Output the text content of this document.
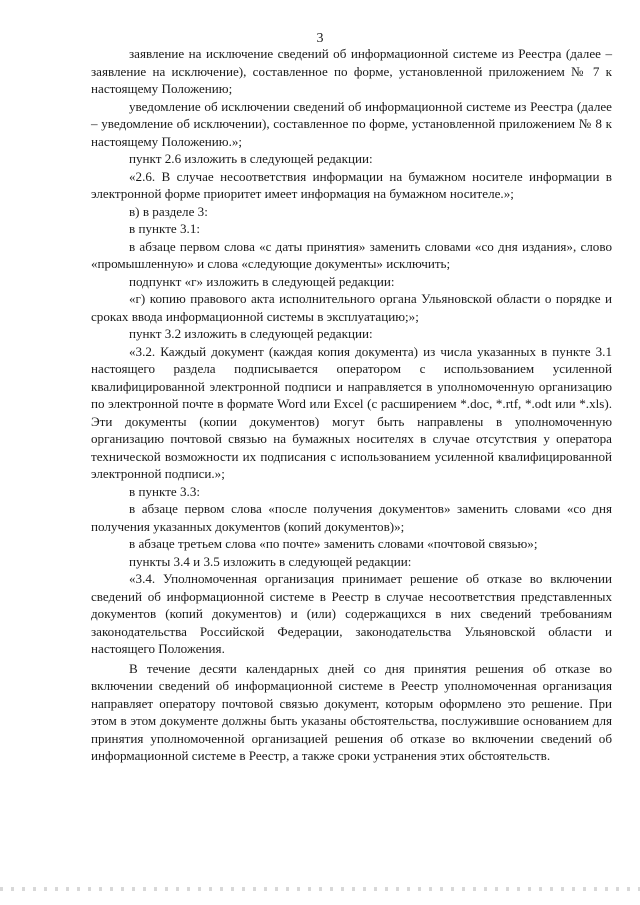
3

заявление на исключение сведений об информационной системе из Реестра (далее – заявление на исключение), составленное по форме, установленной приложением № 7 к настоящему Положению;

уведомление об исключении сведений об информационной системе из Реестра (далее – уведомление об исключении), составленное по форме, установленной приложением № 8 к настоящему Положению.»;

пункт 2.6 изложить в следующей редакции:

«2.6. В случае несоответствия информации на бумажном носителе информации в электронной форме приоритет имеет информация на бумажном носителе.»;

в) в разделе 3:

в пункте 3.1:

в абзаце первом слова «с даты принятия» заменить словами «со дня издания», слово «промышленную» и слова «следующие документы» исключить;

подпункт «г» изложить в следующей редакции:

«г) копию правового акта исполнительного органа Ульяновской области о порядке и сроках ввода информационной системы в эксплуатацию;»;

пункт 3.2 изложить в следующей редакции:

«3.2. Каждый документ (каждая копия документа) из числа указанных в пункте 3.1 настоящего раздела подписывается оператором с использованием усиленной квалифицированной электронной подписи и направляется в уполномоченную организацию по электронной почте в формате Word или Excel (с расширением *.doc, *.rtf, *.odt или *.xls). Эти документы (копии документов) могут быть направлены в уполномоченную организацию почтовой связью на бумажных носителях в случае отсутствия у оператора технической возможности их подписания с использованием усиленной квалифицированной электронной подписи.»;

в пункте 3.3:

в абзаце первом слова «после получения документов» заменить словами «со дня получения указанных документов (копий документов)»;

в абзаце третьем слова «по почте» заменить словами «почтовой связью»;

пункты 3.4 и 3.5 изложить в следующей редакции:

«3.4. Уполномоченная организация принимает решение об отказе во включении сведений об информационной системе в Реестр в случае несоответствия представленных документов (копий документов) и (или) содержащихся в них сведений требованиям законодательства Российской Федерации, законодательства Ульяновской области и настоящего Положения.

В течение десяти календарных дней со дня принятия решения об отказе во включении сведений об информационной системе в Реестр уполномоченная организация направляет оператору почтовой связью документ, которым оформлено это решение. При этом в этом документе должны быть указаны обстоятельства, послужившие основанием для принятия уполномоченной организацией решения об отказе во включении сведений об информационной системе в Реестр, а также сроки устранения этих обстоятельств.
